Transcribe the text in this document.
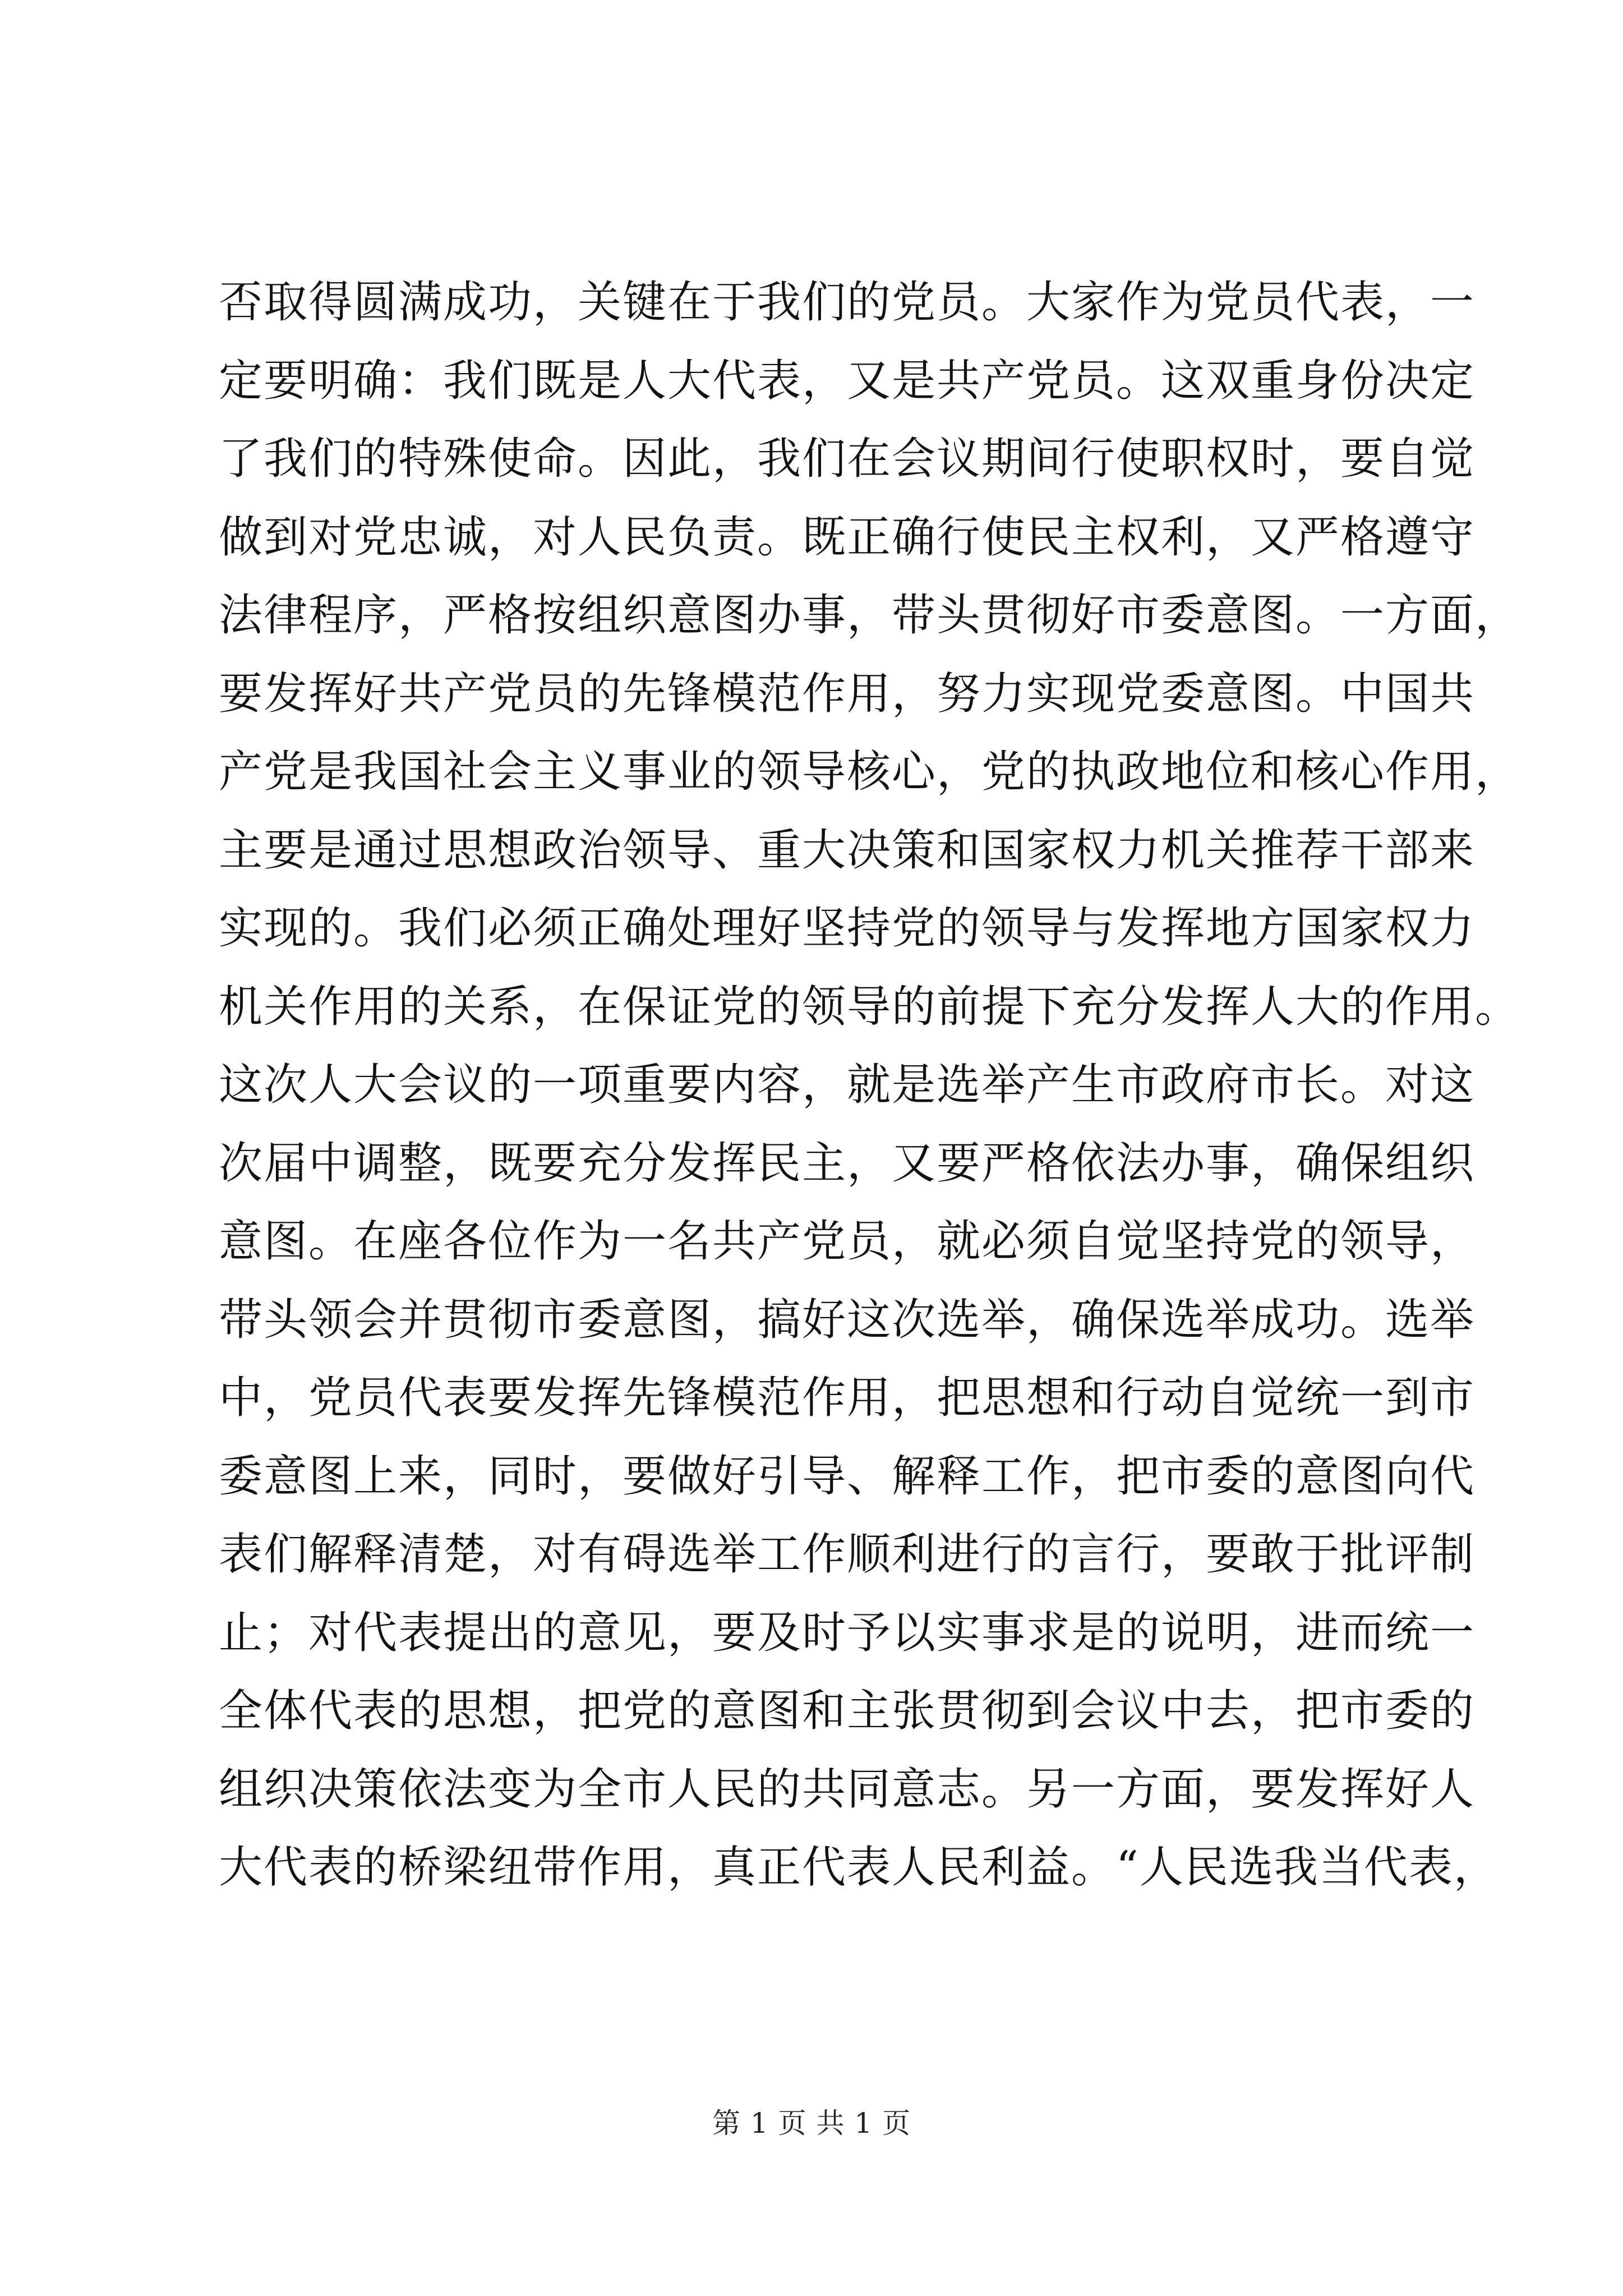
否取得圆满成功，关键在于我们的党员。大家作为党员代表，一
定要明确：我们既是人大代表，又是共产党员。这双重身份决定
了我们的特殊使命。因此，我们在会议期间行使职权时，要自觉
做到对党忠诚，对人民负责。既正确行使民主权利，又严格遵守
法律程序，严格按组织意图办事，带头贯彻好市委意图。一方面，
要发挥好共产党员的先锋模范作用，努力实现党委意图。中国共
产党是我国社会主义事业的领导核心，党的执政地位和核心作用，
主要是通过思想政治领导、重大决策和国家权力机关推荐干部来
实现的。我们必须正确处理好坚持党的领导与发挥地方国家权力
机关作用的关系，在保证党的领导的前提下充分发挥人大的作用。
这次人大会议的一项重要内容，就是选举产生市政府市长。对这
次届中调整，既要充分发挥民主，又要严格依法办事，确保组织
意图。在座各位作为一名共产党员，就必须自觉坚持党的领导，
带头领会并贯彻市委意图，搞好这次选举，确保选举成功。选举
中，党员代表要发挥先锋模范作用，把思想和行动自觉统一到市
委意图上来，同时，要做好引导、解释工作，把市委的意图向代
表们解释清楚，对有碍选举工作顺利进行的言行，要敢于批评制
止；对代表提出的意见，要及时予以实事求是的说明，进而统一
全体代表的思想，把党的意图和主张贯彻到会议中去，把市委的
组织决策依法变为全市人民的共同意志。另一方面，要发挥好人
大代表的桥梁纽带作用，真正代表人民利益。“人民选我当代表，
第 1 页 共 1 页
